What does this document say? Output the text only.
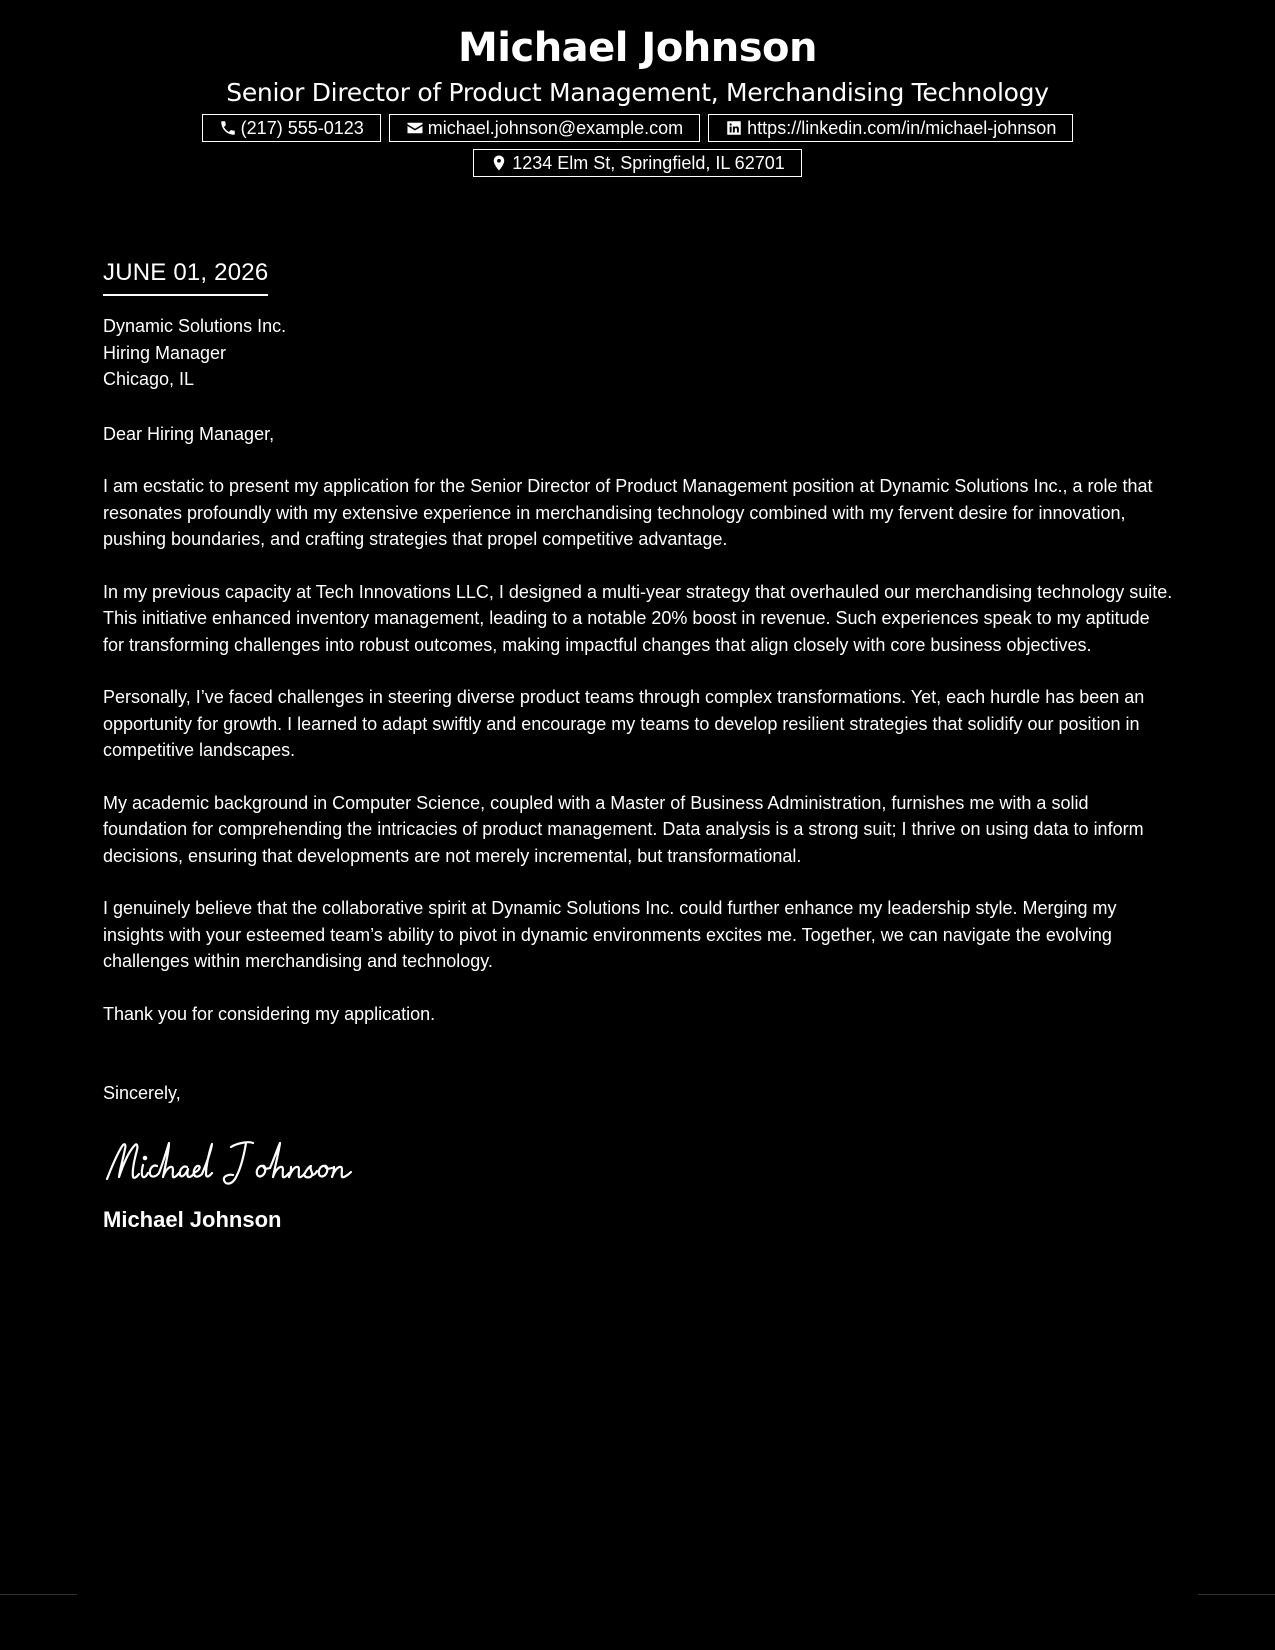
Michael Johnson
Senior Director of Product Management, Merchandising Technology
(217) 555-0123	michael.johnson@example.com	https://linkedin.com/in/michael-johnson
1234 Elm St, Springfield, IL 62701
JUNE 01, 2026
Dynamic Solutions Inc.
Hiring Manager
Chicago, IL
Dear Hiring Manager,
I am ecstatic to present my application for the Senior Director of Product Management position at Dynamic Solutions Inc., a role that resonates profoundly with my extensive experience in merchandising technology combined with my fervent desire for innovation, pushing boundaries, and crafting strategies that propel competitive advantage.
In my previous capacity at Tech Innovations LLC, I designed a multi-year strategy that overhauled our merchandising technology suite. This initiative enhanced inventory management, leading to a notable 20% boost in revenue. Such experiences speak to my aptitude for transforming challenges into robust outcomes, making impactful changes that align closely with core business objectives.
Personally, I’ve faced challenges in steering diverse product teams through complex transformations. Yet, each hurdle has been an opportunity for growth. I learned to adapt swiftly and encourage my teams to develop resilient strategies that solidify our position in competitive landscapes.
My academic background in Computer Science, coupled with a Master of Business Administration, furnishes me with a solid foundation for comprehending the intricacies of product management. Data analysis is a strong suit; I thrive on using data to inform decisions, ensuring that developments are not merely incremental, but transformational.
I genuinely believe that the collaborative spirit at Dynamic Solutions Inc. could further enhance my leadership style. Merging my insights with your esteemed team’s ability to pivot in dynamic environments excites me. Together, we can navigate the evolving challenges within merchandising and technology.
Thank you for considering my application.
Sincerely,
Michael Johnson
